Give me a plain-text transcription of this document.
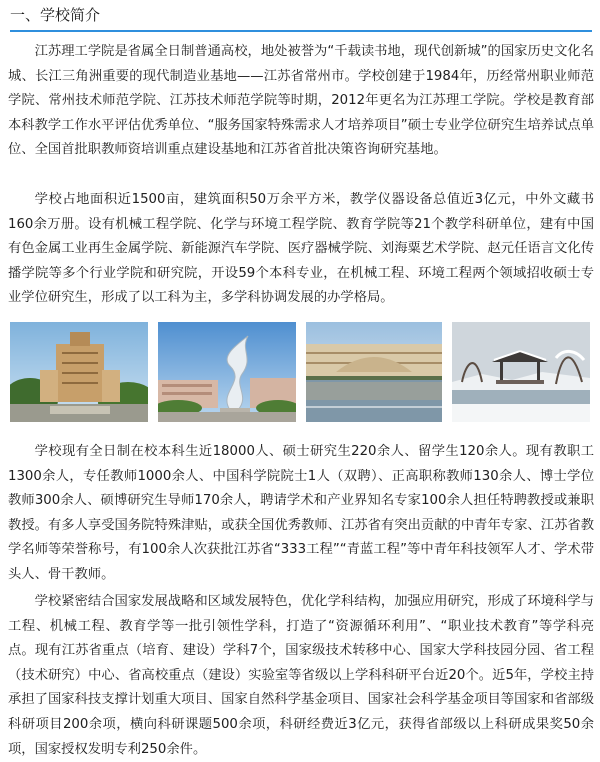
一、学校简介

江苏理工学院是省属全日制普通高校，地处被誉为“千载读书地，现代创新城”的国家历史文化名城、长江三角洲重要的现代制造业基地——江苏省常州市。学校创建于1984年，历经常州职业师范学院、常州技术师范学院、江苏技术师范学院等时期，2012年更名为江苏理工学院。学校是教育部本科教学工作水平评估优秀单位、“服务国家特殊需求人才培养项目”硕士专业学位研究生培养试点单位、全国首批职教师资培训重点建设基地和江苏省首批决策咨询研究基地。

学校占地面积近1500亩，建筑面积50万余平方米，教学仪器设备总值近3亿元，中外文藏书160余万册。设有机械工程学院、化学与环境工程学院、教育学院等21个教学科研单位，建有中国有色金属工业再生金属学院、新能源汽车学院、医疗器械学院、刘海粟艺术学院、赵元任语言文化传播学院等多个行业学院和研究院，开设59个本科专业，在机械工程、环境工程两个领域招收硕士专业学位研究生，形成了以工科为主，多学科协调发展的办学格局。

学校现有全日制在校本科生近18000人、硕士研究生220余人、留学生120余人。现有教职工1300余人，专任教师1000余人、中国科学院院士1人（双聘）、正高职称教师130余人、博士学位教师300余人、硕博研究生导师170余人，聘请学术和产业界知名专家100余人担任特聘教授或兼职教授。有多人享受国务院特殊津贴，或获全国优秀教师、江苏省有突出贡献的中青年专家、江苏省教学名师等荣誉称号，有100余人次获批江苏省“333工程”“青蓝工程”等中青年科技领军人才、学术带头人、骨干教师。

学校紧密结合国家发展战略和区域发展特色，优化学科结构，加强应用研究，形成了环境科学与工程、机械工程、教育学等一批引领性学科，打造了“资源循环利用”、“职业技术教育”等学科亮点。现有江苏省重点（培育、建设）学科7个，国家级技术转移中心、国家大学科技园分园、省工程（技术研究）中心、省高校重点（建设）实验室等省级以上学科科研平台近20个。近5年，学校主持承担了国家科技支撑计划重大项目、国家自然科学基金项目、国家社会科学基金项目等国家和省部级科研项目200余项，横向科研课题500余项，科研经费近3亿元，获得省部级以上科研成果奖50余项，国家授权发明专利250余件。
